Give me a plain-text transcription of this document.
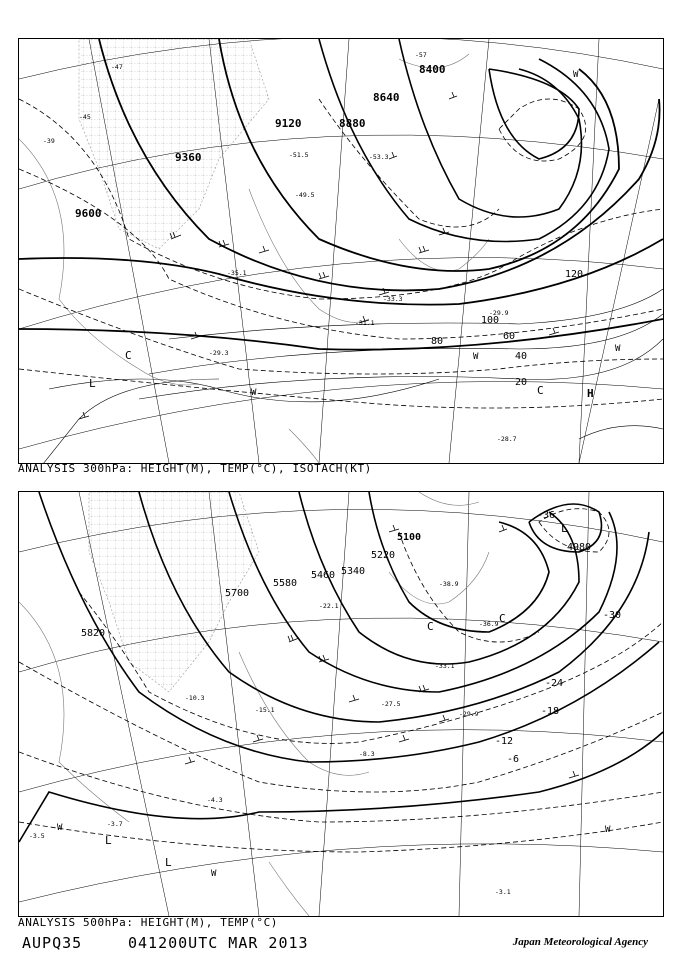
9600
9360
9120	8880
8640
8400
20
40
60
80
100
120
-57
-53.3
-51.5
-49.5
-47
-45
-39
-35.1
-33.3
-31.1
-29.9
-29.3
-28.7
L
C
C	H
W
W
W
W
ANALYSIS 300hPa: HEIGHT(M), TEMP(°C), ISOTACH(KT)
5820
5700
5580
5460 5340
5220
5100
4980
-36
-30
-24
-18
-12
-6
-38.9
-36.9
-33.1
-29.9
-27.5
-22.1
-15.1
-10.3
-8.3
-4.3
-3.7
-3.5
-3.1
L
L
L
C
C
W
W
W
ANALYSIS 500hPa: HEIGHT(M), TEMP(°C)
AUPQ35	041200UTC MAR 2013	Japan Meteorological Agency
